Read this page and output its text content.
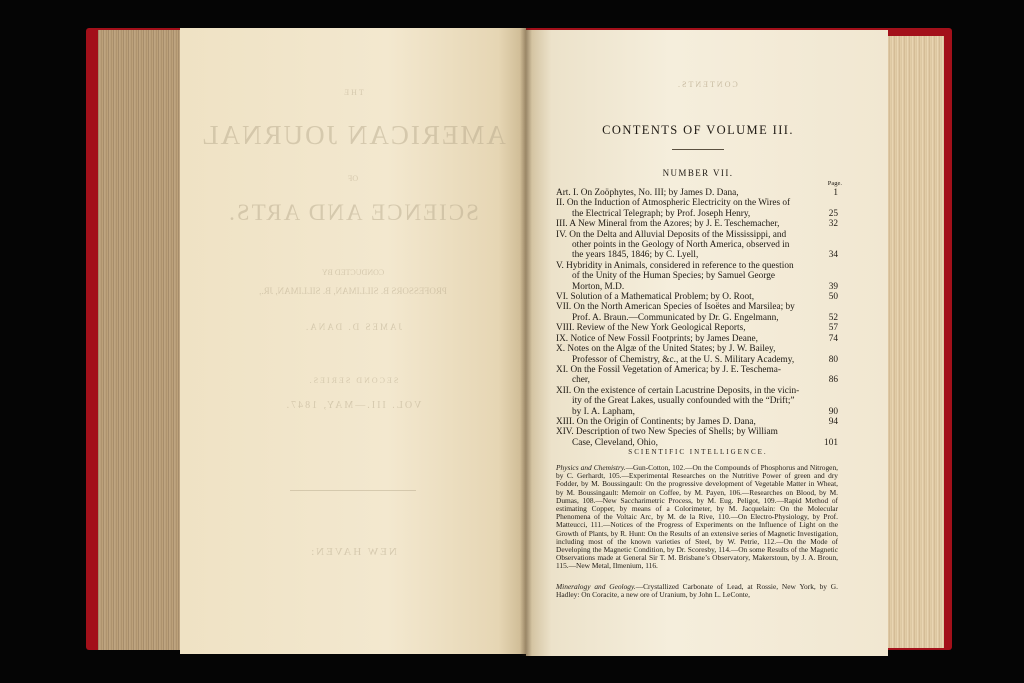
THE
AMERICAN JOURNAL
OF
SCIENCE AND ARTS.
CONDUCTED BY
PROFESSORS B. SILLIMAN, B. SILLIMAN, JR.,
JAMES D. DANA.
SECOND SERIES.
VOL. III.—MAY, 1847.
NEW HAVEN:
CONTENTS.
CONTENTS OF VOLUME III.
NUMBER VII.
Page.
Art. I. On Zoöphytes, No. III; by James D. Dana,	1
II. On the Induction of Atmospheric Electricity on the Wires of
the Electrical Telegraph; by Prof. Joseph Henry,	25
III. A New Mineral from the Azores; by J. E. Teschemacher,	32
IV. On the Delta and Alluvial Deposits of the Mississippi, and
other points in the Geology of North America, observed in
the years 1845, 1846; by C. Lyell,	34
V. Hybridity in Animals, considered in reference to the question
of the Unity of the Human Species; by Samuel George
Morton, M.D.	39
VI. Solution of a Mathematical Problem; by O. Root,	50
VII. On the North American Species of Isoëtes and Marsilea; by
Prof. A. Braun.—Communicated by Dr. G. Engelmann,	52
VIII. Review of the New York Geological Reports,	57
IX. Notice of New Fossil Footprints; by James Deane,	74
X. Notes on the Algæ of the United States; by J. W. Bailey,
Professor of Chemistry, &c., at the U. S. Military Academy,	80
XI. On the Fossil Vegetation of America; by J. E. Teschema-
cher,	86
XII. On the existence of certain Lacustrine Deposits, in the vicin-
ity of the Great Lakes, usually confounded with the “Drift;”
by I. A. Lapham,	90
XIII. On the Origin of Continents; by James D. Dana,	94
XIV. Description of two New Species of Shells; by William
Case, Cleveland, Ohio,	101
SCIENTIFIC INTELLIGENCE.
Physics and Chemistry.—Gun-Cotton, 102.—On the Compounds of Phosphorus and Nitrogen, by C. Gerhardt, 105.—Experimental Researches on the Nutritive Power of green and dry Fodder, by M. Boussingault: On the progressive development of Vegetable Matter in Wheat, by M. Boussingault: Memoir on Coffee, by M. Payen, 106.—Researches on Blood, by M. Dumas, 108.—New Saccharimetric Process, by M. Eug. Peligot, 109.—Rapid Method of estimating Copper, by means of a Colorimeter, by M. Jacquelain: On the Molecular Phenomena of the Voltaic Arc, by M. de la Rive, 110.—On Electro-Physiology, by Prof. Matteucci, 111.—Notices of the Progress of Experiments on the Influence of Light on the Growth of Plants, by R. Hunt: On the Results of an extensive series of Magnetic Investigation, including most of the known varieties of Steel, by W. Petrie, 112.—On the Mode of Developing the Magnetic Condition, by Dr. Scoresby, 114.—On some Results of the Magnetic Observations made at General Sir T. M. Brisbane’s Observatory, Makerstoun, by J. A. Broun, 115.—New Metal, Ilmenium, 116.
Mineralogy and Geology.—Crystallized Carbonate of Lead, at Rossie, New York, by G. Hadley: On Coracite, a new ore of Uranium, by John L. LeConte,
